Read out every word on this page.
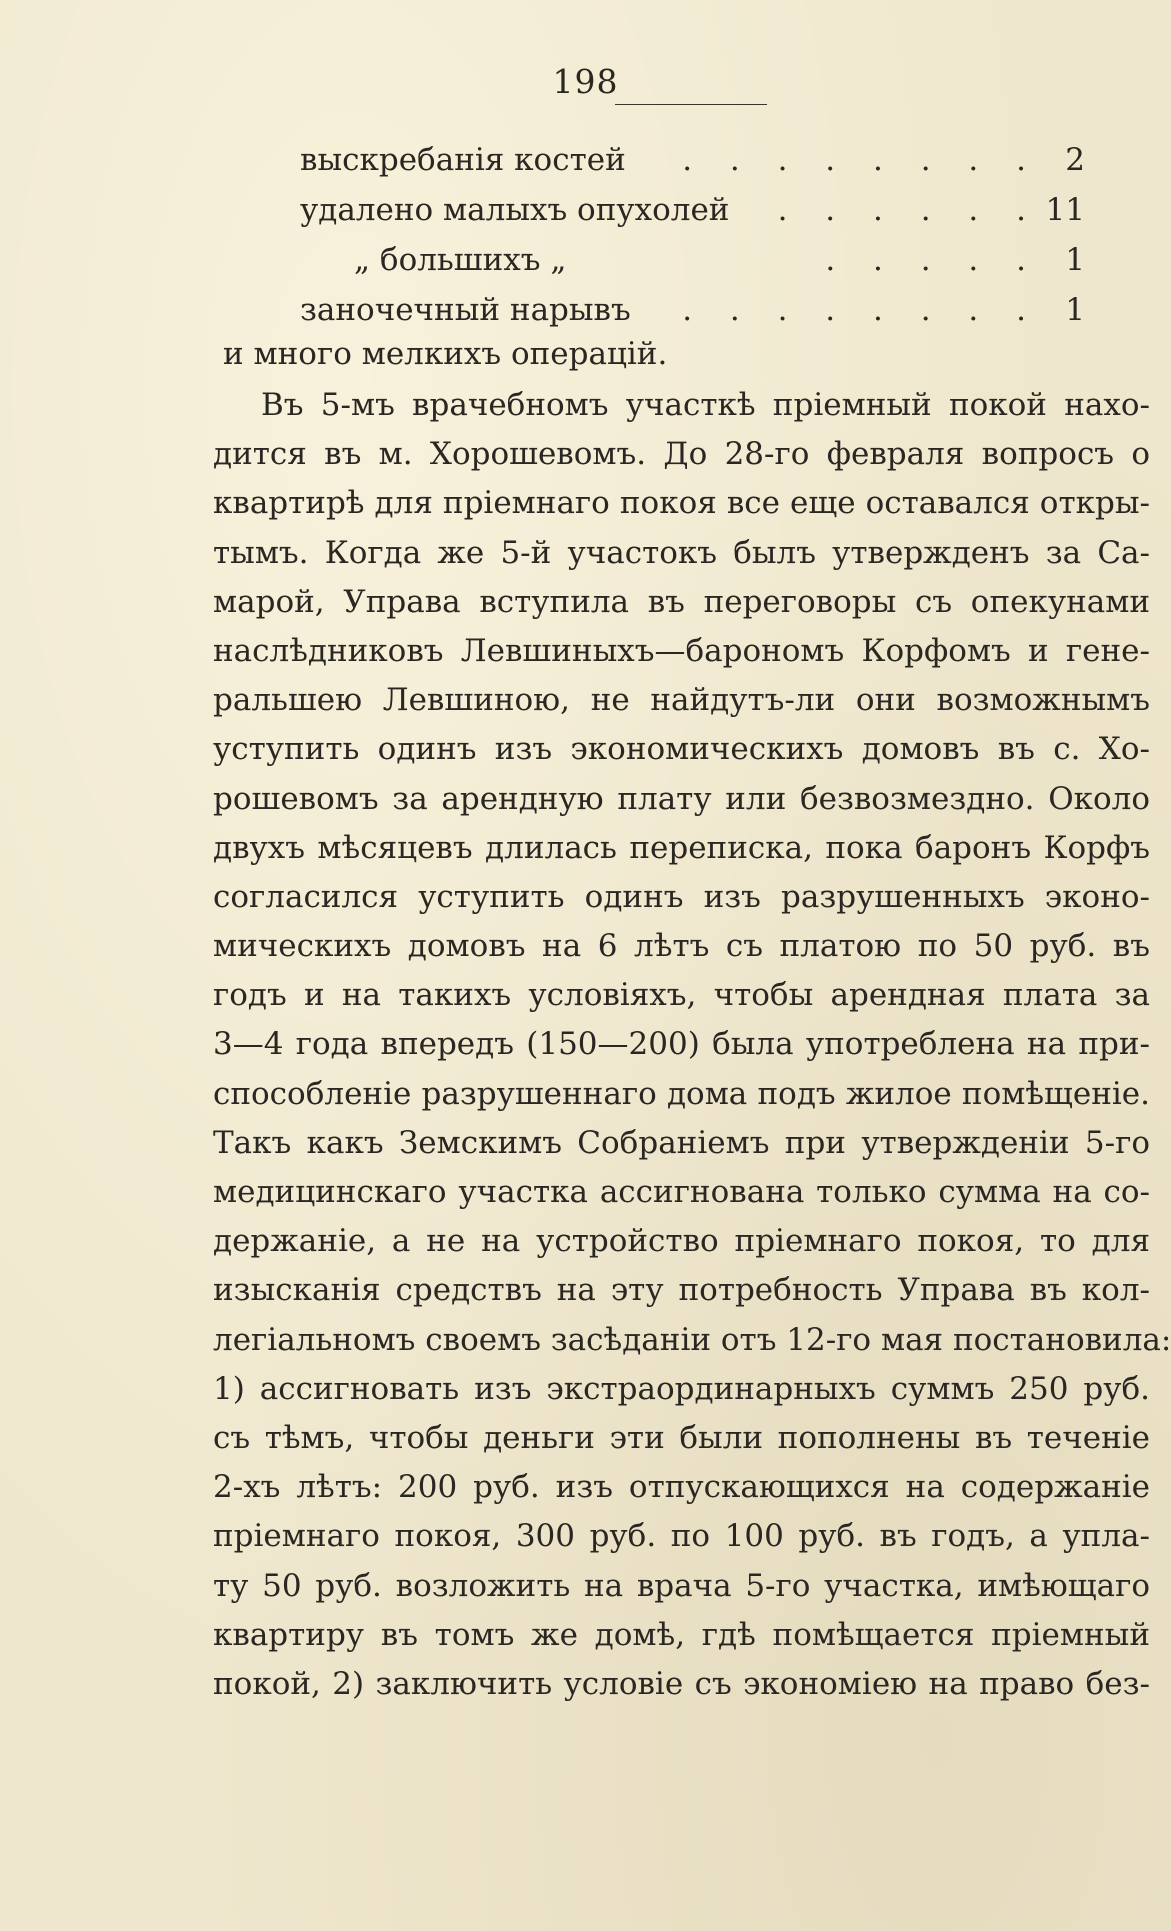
198
выскребанія костей . . . . . . . . 2
удалено малыхъ опухолей . . . . . . 11
„ большихъ „	. . . . . 1
заночечный нарывъ . . . . . . . . 1
и много мелкихъ операцій.
Въ 5-мъ врачебномъ участкѣ пріемный покой нахо-
дится въ м. Хорошевомъ. До 28-го февраля вопросъ о
квартирѣ для пріемнаго покоя все еще оставался откры-
тымъ. Когда же 5-й участокъ былъ утвержденъ за Са-
марой, Управа вступила въ переговоры съ опекунами
наслѣдниковъ Левшиныхъ—барономъ Корфомъ и гене-
ральшею Левшиною, не найдутъ-ли они возможнымъ
уступить одинъ изъ экономическихъ домовъ въ с. Хо-
рошевомъ за арендную плату или безвозмездно. Около
двухъ мѣсяцевъ длилась переписка, пока баронъ Корфъ
согласился уступить одинъ изъ разрушенныхъ эконо-
мическихъ домовъ на 6 лѣтъ съ платою по 50 руб. въ
годъ и на такихъ условіяхъ, чтобы арендная плата за
3—4 года впередъ (150—200) была употреблена на при-
способленіе разрушеннаго дома подъ жилое помѣщеніе.
Такъ какъ Земскимъ Собраніемъ при утвержденіи 5-го
медицинскаго участка ассигнована только сумма на со-
держаніе, а не на устройство пріемнаго покоя, то для
изысканія средствъ на эту потребность Управа въ кол-
легіальномъ своемъ засѣданіи отъ 12-го мая постановила:
1) ассигновать изъ экстраординарныхъ суммъ 250 руб.
съ тѣмъ, чтобы деньги эти были пополнены въ теченіе
2-хъ лѣтъ: 200 руб. изъ отпускающихся на содержаніе
пріемнаго покоя, 300 руб. по 100 руб. въ годъ, а упла-
ту 50 руб. возложить на врача 5-го участка, имѣющаго
квартиру въ томъ же домѣ, гдѣ помѣщается пріемный
покой, 2) заключить условіе съ экономіею на право без-
